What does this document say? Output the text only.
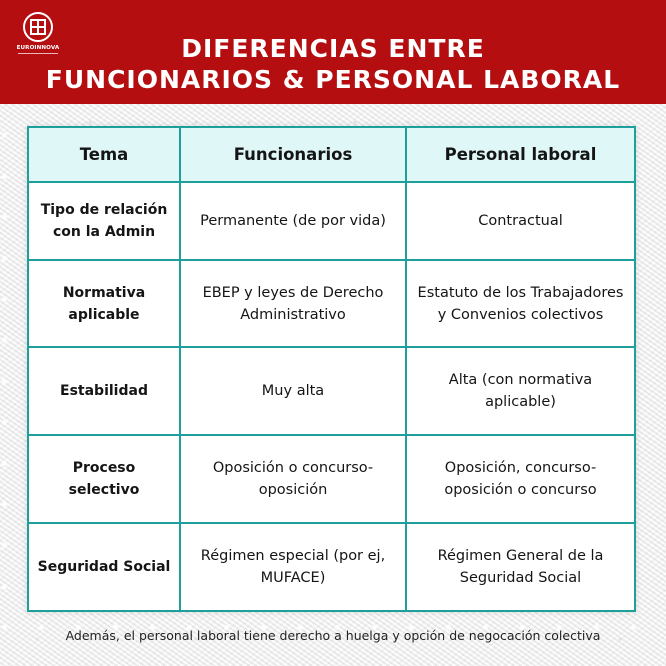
EUROINNOVA	DIFERENCIAS ENTRE
FUNCIONARIOS & PERSONAL LABORAL
Tema	Funcionarios	Personal laboral
Tipo de relación con la Admin	Permanente (de por vida)	Contractual
Normativa aplicable	EBEP y leyes de Derecho Administrativo	Estatuto de los Trabajadores y Convenios colectivos
Estabilidad	Muy alta	Alta (con normativa aplicable)
Proceso selectivo	Oposición o concurso-oposición	Oposición, concurso-oposición o concurso
Seguridad Social	Régimen especial (por ej, MUFACE)	Régimen General de la Seguridad Social
Además, el personal laboral tiene derecho a huelga y opción de negocación colectiva
